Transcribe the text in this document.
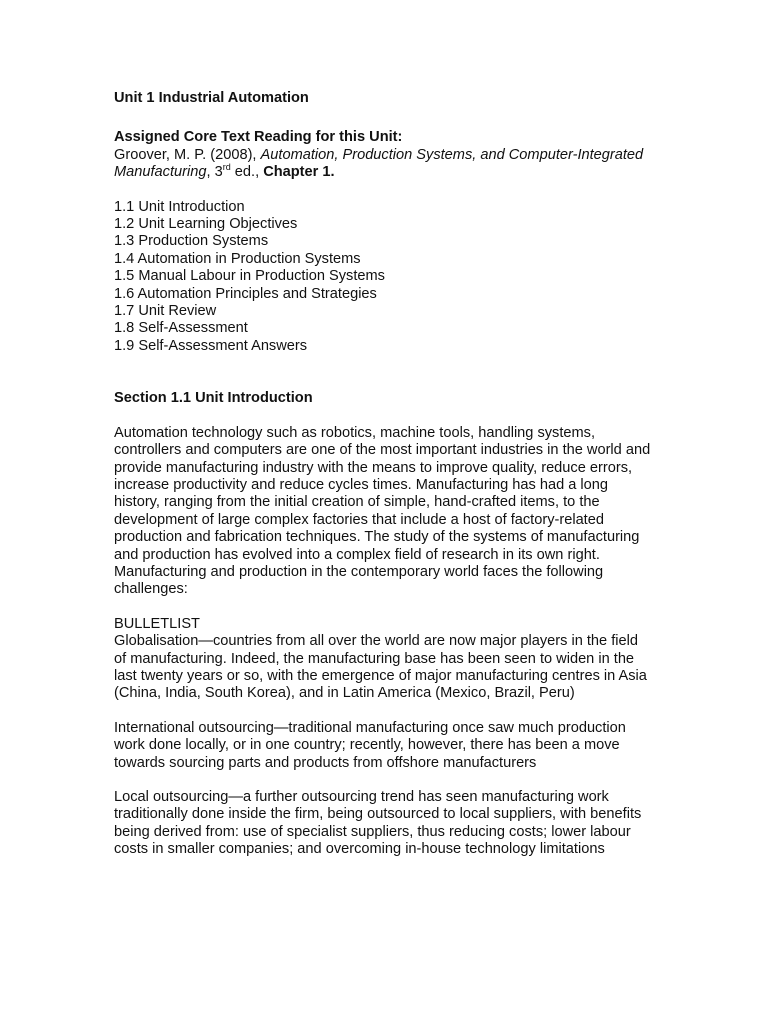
Unit 1 Industrial Automation

Assigned Core Text Reading for this Unit:

Groover, M. P. (2008), Automation, Production Systems, and Computer-Integrated Manufacturing, 3rd ed., Chapter 1.

1.1 Unit Introduction
1.2 Unit Learning Objectives
1.3 Production Systems
1.4 Automation in Production Systems
1.5 Manual Labour in Production Systems
1.6 Automation Principles and Strategies
1.7 Unit Review
1.8 Self-Assessment
1.9 Self-Assessment Answers

Section 1.1 Unit Introduction

Automation technology such as robotics, machine tools, handling systems, controllers and computers are one of the most important industries in the world and provide manufacturing industry with the means to improve quality, reduce errors, increase productivity and reduce cycles times. Manufacturing has had a long history, ranging from the initial creation of simple, hand-crafted items, to the development of large complex factories that include a host of factory-related production and fabrication techniques. The study of the systems of manufacturing and production has evolved into a complex field of research in its own right. Manufacturing and production in the contemporary world faces the following challenges:

BULLETLIST

Globalisation—countries from all over the world are now major players in the field of manufacturing. Indeed, the manufacturing base has been seen to widen in the last twenty years or so, with the emergence of major manufacturing centres in Asia (China, India, South Korea), and in Latin America (Mexico, Brazil, Peru)

International outsourcing—traditional manufacturing once saw much production work done locally, or in one country; recently, however, there has been a move towards sourcing parts and products from offshore manufacturers

Local outsourcing—a further outsourcing trend has seen manufacturing work traditionally done inside the firm, being outsourced to local suppliers, with benefits being derived from: use of specialist suppliers, thus reducing costs; lower labour costs in smaller companies; and overcoming in-house technology limitations
